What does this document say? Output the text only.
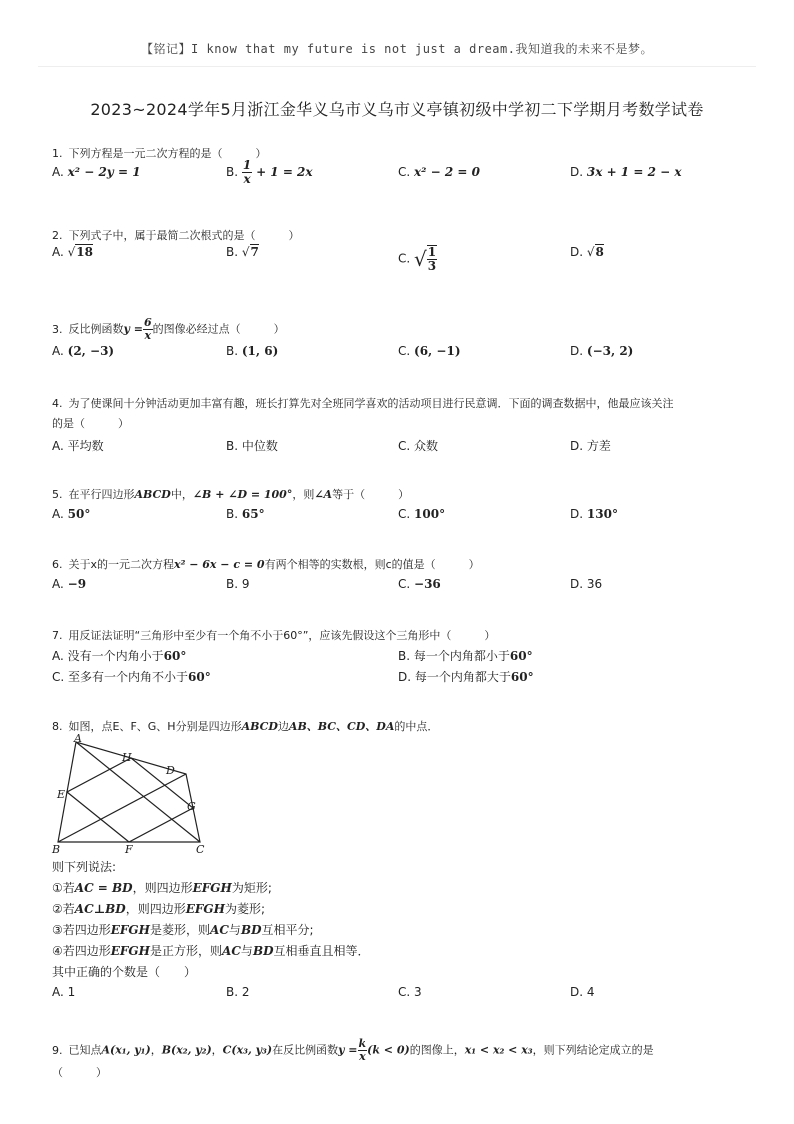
【铭记】I know that my future is not just a dream.我知道我的未来不是梦。
2023~2024学年5月浙江金华义乌市义乌市义亭镇初级中学初二下学期月考数学试卷
1. 下列方程是一元二次方程的是（　　　）
A. x² − 2y = 1	B. $\frac{1}{x} + 1 = 2x$	C. x² − 2 = 0	D. 3x + 1 = 2 − x
2. 下列式子中，属于最简二次根式的是（　　　）
A. √18	B. √7	C. √ $\frac{1}{3}$	D. √8
3. 反比例函数$y = \frac{6}{x}$ 的图像必经过点（　　　）
A. (2, −3)	B. (1, 6)	C. (6, −1)	D. (−3, 2)
4. 为了使课间十分钟活动更加丰富有趣，班长打算先对全班同学喜欢的活动项目进行民意调．下面的调查数据中，他最应该关注
的是（　　　）
A. 平均数	B. 中位数	C. 众数	D. 方差
5. 在平行四边形ABCD中，∠B + ∠D = 100°，则∠A等于（　　　）
A. 50°	B. 65°	C. 100°	D. 130°
6. 关于x的一元二次方程x² − 6x − c = 0有两个相等的实数根，则c的值是（　　　）
A. −9	B. 9	C. −36	D. 36
7. 用反证法证明“三角形中至少有一个角不小于60°”，应该先假设这个三角形中（　　　）
A. 没有一个内角小于60°	B. 每一个内角都小于60°
C. 至多有一个内角不小于60°	D. 每一个内角都大于60°
8. 如图，点E、F、G、H分别是四边形ABCD边AB、BC、CD、DA的中点．
A
B	C
D
E
F
G
H
则下列说法:
①若AC = BD，则四边形EFGH为矩形;
②若AC⊥BD，则四边形EFGH为菱形;
③若四边形EFGH是菱形，则AC与BD互相平分;
④若四边形EFGH是正方形，则AC与BD互相垂直且相等．
其中正确的个数是（　　）
A. 1	B. 2	C. 3	D. 4
9. 已知点A(x₁, y₁)，B(x₂, y₂)，C(x₃, y₃)在反比例函数$y = \frac{k}{x} (k < 0)$的图像上，x₁ < x₂ < x₃，则下列结论定成立的是
（　　　）
